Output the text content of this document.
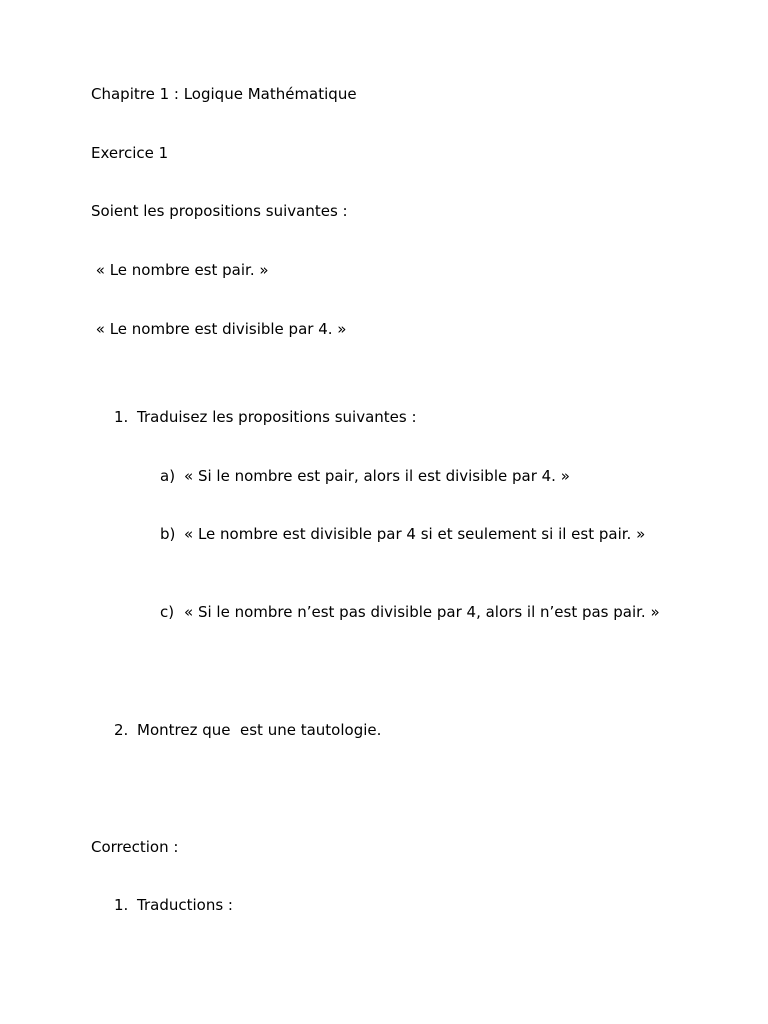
Chapitre 1 : Logique Mathématique
Exercice 1
Soient les propositions suivantes :
« Le nombre est pair. »
« Le nombre est divisible par 4. »
1. Traduisez les propositions suivantes :
a) « Si le nombre est pair, alors il est divisible par 4. »
b) « Le nombre est divisible par 4 si et seulement si il est pair. »
c) « Si le nombre n’est pas divisible par 4, alors il n’est pas pair. »
2. Montrez que  est une tautologie.
Correction :
1. Traductions :
